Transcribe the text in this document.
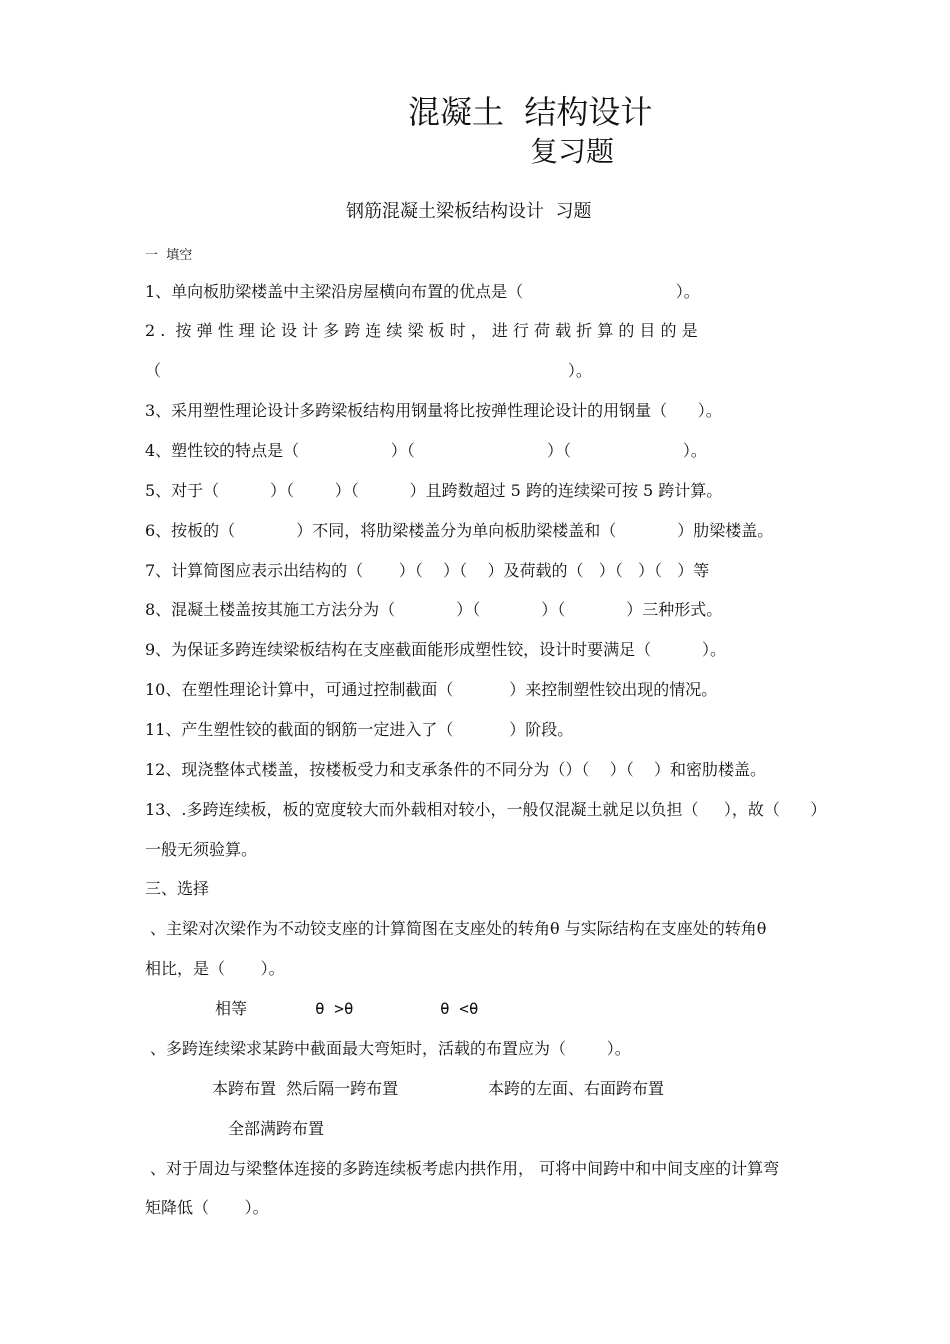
混凝土  结构设计
复习题
钢筋混凝土梁板结构设计  习题
一  填空
1、单向板肋梁楼盖中主梁沿房屋横向布置的优点是（                              ）。
2 .  按 弹 性 理 论 设 计 多 跨 连 续 梁 板 时 ， 进 行 荷 载 折 算 的 目 的 是
（                                                                                ）。
3、采用塑性理论设计多跨梁板结构用钢量将比按弹性理论设计的用钢量（      ）。
4、塑性铰的特点是（                  ）（                          ）（                      ）。
5、对于（          ）（        ）（          ）且跨数超过 5 跨的连续梁可按 5 跨计算。
6、按板的（            ）不同，将肋梁楼盖分为单向板肋梁楼盖和（            ）肋梁楼盖。
7、计算简图应表示出结构的（       ）（    ）（    ）及荷载的（   ）（   ）（   ）等
8、混凝土楼盖按其施工方法分为（            ）（            ）（            ）三种形式。
9、为保证多跨连续梁板结构在支座截面能形成塑性铰，设计时要满足（          ）。
10、在塑性理论计算中，可通过控制截面（           ）来控制塑性铰出现的情况。
11、产生塑性铰的截面的钢筋一定进入了（           ）阶段。
12、现浇整体式楼盖，按楼板受力和支承条件的不同分为（）（    ）（    ）和密肋楼盖。
13、.多跨连续板，板的宽度较大而外载相对较小，一般仅混凝土就足以负担（     ），故（      ）
一般无须验算。
三、选择
、主梁对次梁作为不动铰支座的计算简图在支座处的转角θ 与实际结构在支座处的转角θ
相比，是（       ）。
相等	θ >θ	θ <θ
、多跨连续梁求某跨中截面最大弯矩时，活载的布置应为（        ）。
本跨布置  然后隔一跨布置	本跨的左面、右面跨布置
全部满跨布置
、对于周边与梁整体连接的多跨连续板考虑内拱作用， 可将中间跨中和中间支座的计算弯
矩降低（       ）。
